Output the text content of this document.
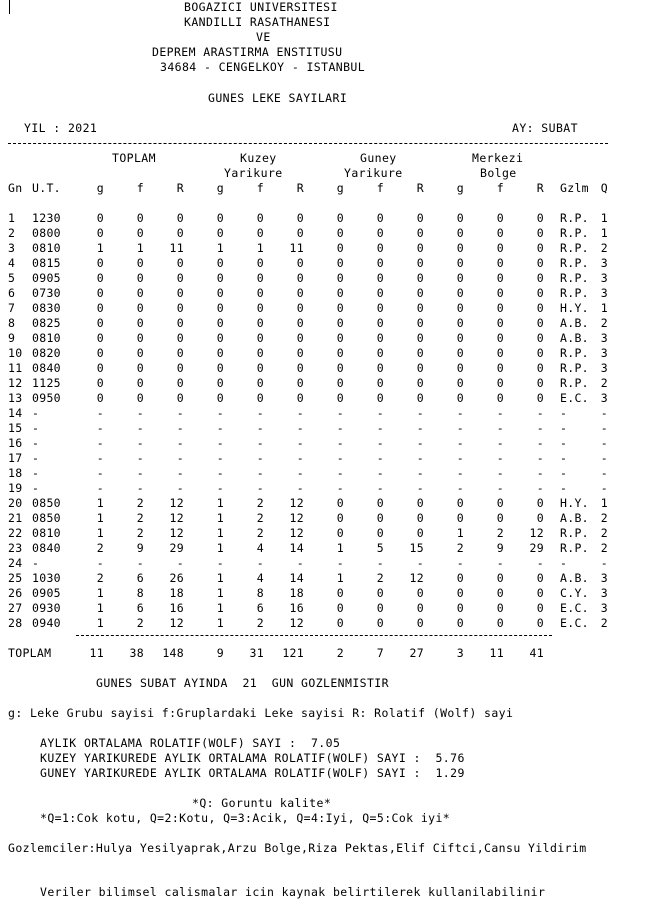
BOGAZICI UNIVERSITESI
KANDILLI RASATHANESI
VE
DEPREM ARASTIRMA ENSTITUSU
34684 - CENGELKOY - ISTANBUL
GUNES LEKE SAYILARI
YIL : 2021	AY: SUBAT
TOPLAM	Kuzey
Yarikure
Guney
Yarikure
Merkezi
Bolge
Gn U.T.	g	f	R	g	f	R	g	f	R	g	f	R Gzlm	Q
1 1230	0	0	0	0	0	0	0	0	0	0	0	0 R.P.	1
2 0800	0	0	0	0	0	0	0	0	0	0	0	0 R.P.	1
3 0810	1	1	11	1	1	11	0	0	0	0	0	0 R.P.	2
4 0815	0	0	0	0	0	0	0	0	0	0	0	0 R.P.	3
5 0905	0	0	0	0	0	0	0	0	0	0	0	0 R.P.	3
6 0730	0	0	0	0	0	0	0	0	0	0	0	0 R.P.	3
7 0830	0	0	0	0	0	0	0	0	0	0	0	0 H.Y.	1
8 0825	0	0	0	0	0	0	0	0	0	0	0	0 A.B.	2
9 0810	0	0	0	0	0	0	0	0	0	0	0	0 A.B.	3
10 0820	0	0	0	0	0	0	0	0	0	0	0	0 R.P.	3
11 0840	0	0	0	0	0	0	0	0	0	0	0	0 R.P.	3
12 1125	0	0	0	0	0	0	0	0	0	0	0	0 R.P.	2
13 0950	0	0	0	0	0	0	0	0	0	0	0	0 E.C.	3
14 -	-	-	-	-	-	-	-	-	-	-	-	- -	-
15 -	-	-	-	-	-	-	-	-	-	-	-	- -	-
16 -	-	-	-	-	-	-	-	-	-	-	-	- -	-
17 -	-	-	-	-	-	-	-	-	-	-	-	- -	-
18 -	-	-	-	-	-	-	-	-	-	-	-	- -	-
19 -	-	-	-	-	-	-	-	-	-	-	-	- -	-
20 0850	1	2	12	1	2	12	0	0	0	0	0	0 H.Y.	1
21 0850	1	2	12	1	2	12	0	0	0	0	0	0 A.B.	2
22 0810	1	2	12	1	2	12	0	0	0	1	2	12 R.P.	2
23 0840	2	9	29	1	4	14	1	5	15	2	9	29 R.P.	2
24 -	-	-	-	-	-	-	-	-	-	-	-	- -	-
25 1030	2	6	26	1	4	14	1	2	12	0	0	0 A.B.	3
26 0905	1	8	18	1	8	18	0	0	0	0	0	0 C.Y.	3
27 0930	1	6	16	1	6	16	0	0	0	0	0	0 E.C.	3
28 0940	1	2	12	1	2	12	0	0	0	0	0	0 E.C.	2
TOPLAM	11	38	148	9	31	121	2	7	27	3	11	41
GUNES SUBAT AYINDA  21  GUN GOZLENMISTIR
g: Leke Grubu sayisi f:Gruplardaki Leke sayisi R: Rolatif (Wolf) sayi
AYLIK ORTALAMA ROLATIF(WOLF) SAYI :  7.05
KUZEY YARIKUREDE AYLIK ORTALAMA ROLATIF(WOLF) SAYI :  5.76
GUNEY YARIKUREDE AYLIK ORTALAMA ROLATIF(WOLF) SAYI :  1.29
*Q: Goruntu kalite*
*Q=1:Cok kotu, Q=2:Kotu, Q=3:Acik, Q=4:Iyi, Q=5:Cok iyi*
Gozlemciler:Hulya Yesilyaprak,Arzu Bolge,Riza Pektas,Elif Ciftci,Cansu Yildirim
Veriler bilimsel calismalar icin kaynak belirtilerek kullanilabilinir
